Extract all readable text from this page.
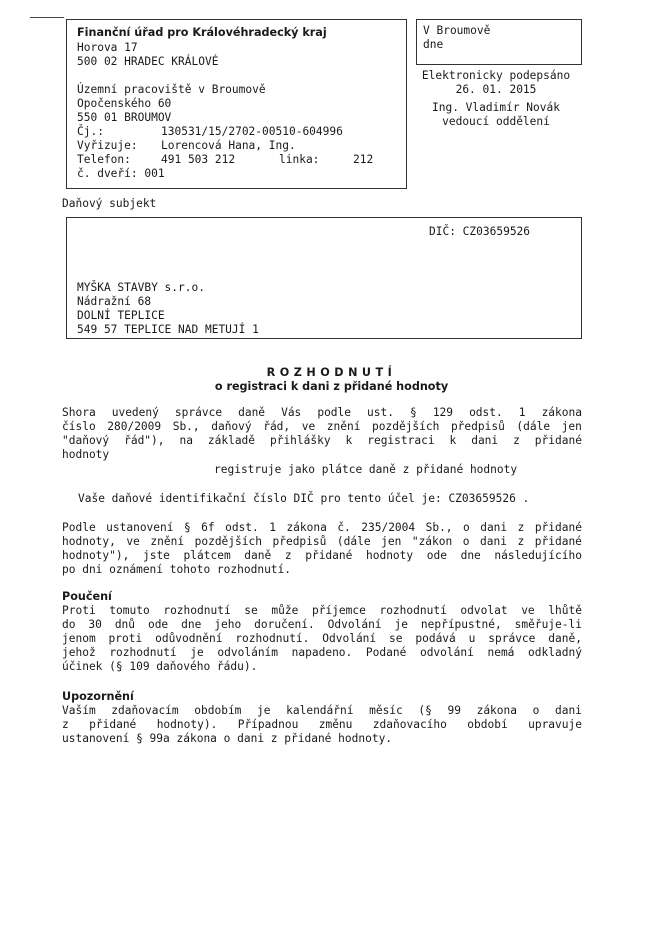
Finanční úřad pro Královéhradecký kraj
Horova 17
500 02 HRADEC KRÁLOVÉ
Územní pracoviště v Broumově
Opočenského 60
550 01 BROUMOV
Čj.:	130531/15/2702-00510-604996
Vyřizuje: Lorencová Hana, Ing.
Telefon:	491 503 212	linka:	212
č. dveří: 001
V Broumově
dne
Elektronicky podepsáno
26. 01. 2015
Ing. Vladimír Novák
vedoucí oddělení
Daňový subjekt
DIČ: CZ03659526
MYŠKA STAVBY s.r.o.
Nádražní 68
DOLNÍ TEPLICE
549 57 TEPLICE NAD METUJÍ 1
ROZHODNUTÍ
o registraci k dani z přidané hodnoty
Shora uvedený správce daně Vás podle ust. § 129 odst. 1 zákona
číslo 280/2009 Sb., daňový řád, ve znění pozdějších předpisů (dále jen
"daňový řád"), na základě přihlášky k registraci k dani z přidané
hodnoty
registruje jako plátce daně z přidané hodnoty
Vaše daňové identifikační číslo DIČ pro tento účel je: CZ03659526 .
Podle ustanovení § 6f odst. 1 zákona č. 235/2004 Sb., o dani z přidané
hodnoty, ve znění pozdějších předpisů (dále jen "zákon o dani z přidané
hodnoty"), jste plátcem daně z přidané hodnoty ode dne následujícího
po dni oznámení tohoto rozhodnutí.
Poučení
Proti tomuto rozhodnutí se může příjemce rozhodnutí odvolat ve lhůtě
do 30 dnů ode dne jeho doručení. Odvolání je nepřípustné, směřuje-li
jenom proti odůvodnění rozhodnutí. Odvolání se podává u správce daně,
jehož rozhodnutí je odvoláním napadeno. Podané odvolání nemá odkladný
účinek (§ 109 daňového řádu).
Upozornění
Vaším zdaňovacím obdobím je kalendářní měsíc (§ 99 zákona o dani
z přidané hodnoty). Případnou změnu zdaňovacího období upravuje
ustanovení § 99a zákona o dani z přidané hodnoty.
